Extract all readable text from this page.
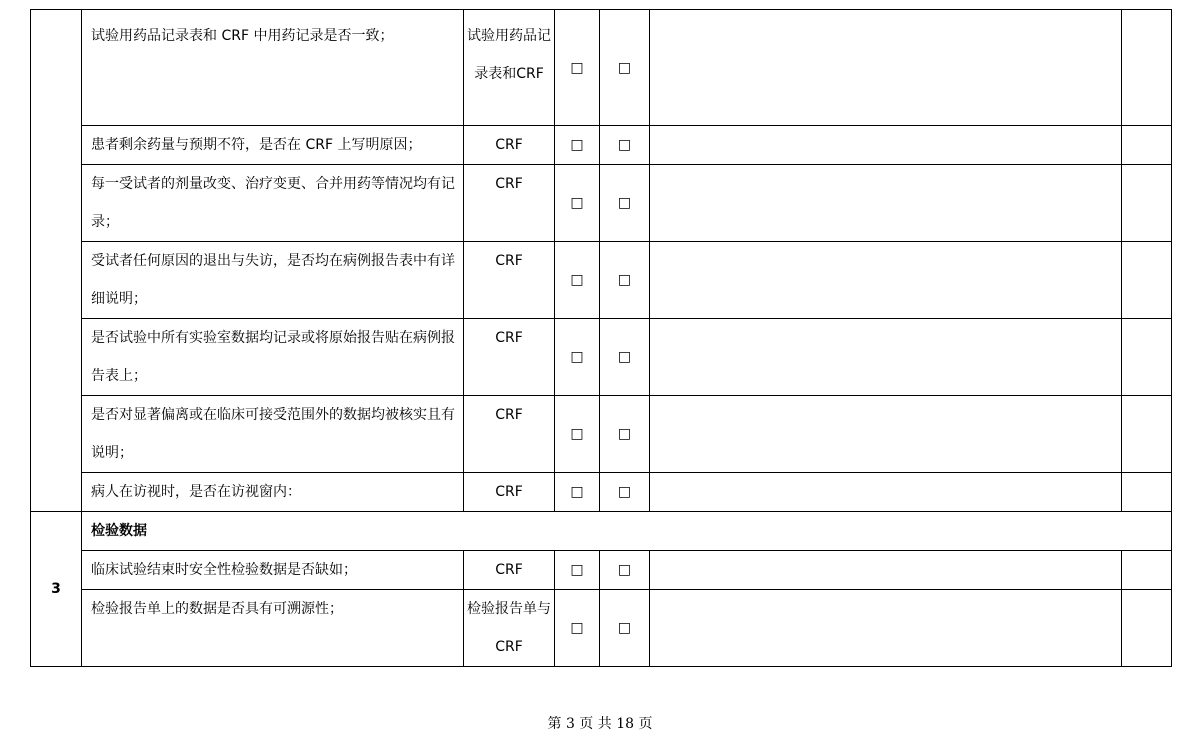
	试验用药品记录表和 CRF 中用药记录是否一致；	试验用药品记录表和CRF	□	□		
	患者剩余药量与预期不符，是否在 CRF 上写明原因；	CRF	□	□		
	每一受试者的剂量改变、治疗变更、合并用药等情况均有记录；	CRF	□	□		
	受试者任何原因的退出与失访，是否均在病例报告表中有详细说明；	CRF	□	□		
	是否试验中所有实验室数据均记录或将原始报告贴在病例报告表上；	CRF	□	□		
	是否对显著偏离或在临床可接受范围外的数据均被核实且有说明；	CRF	□	□		
	病人在访视时，是否在访视窗内：	CRF	□	□		
3	检验数据					
	临床试验结束时安全性检验数据是否缺如；	CRF	□	□		
	检验报告单上的数据是否具有可溯源性；	检验报告单与 CRF	□	□		
第 3 页 共 18 页
